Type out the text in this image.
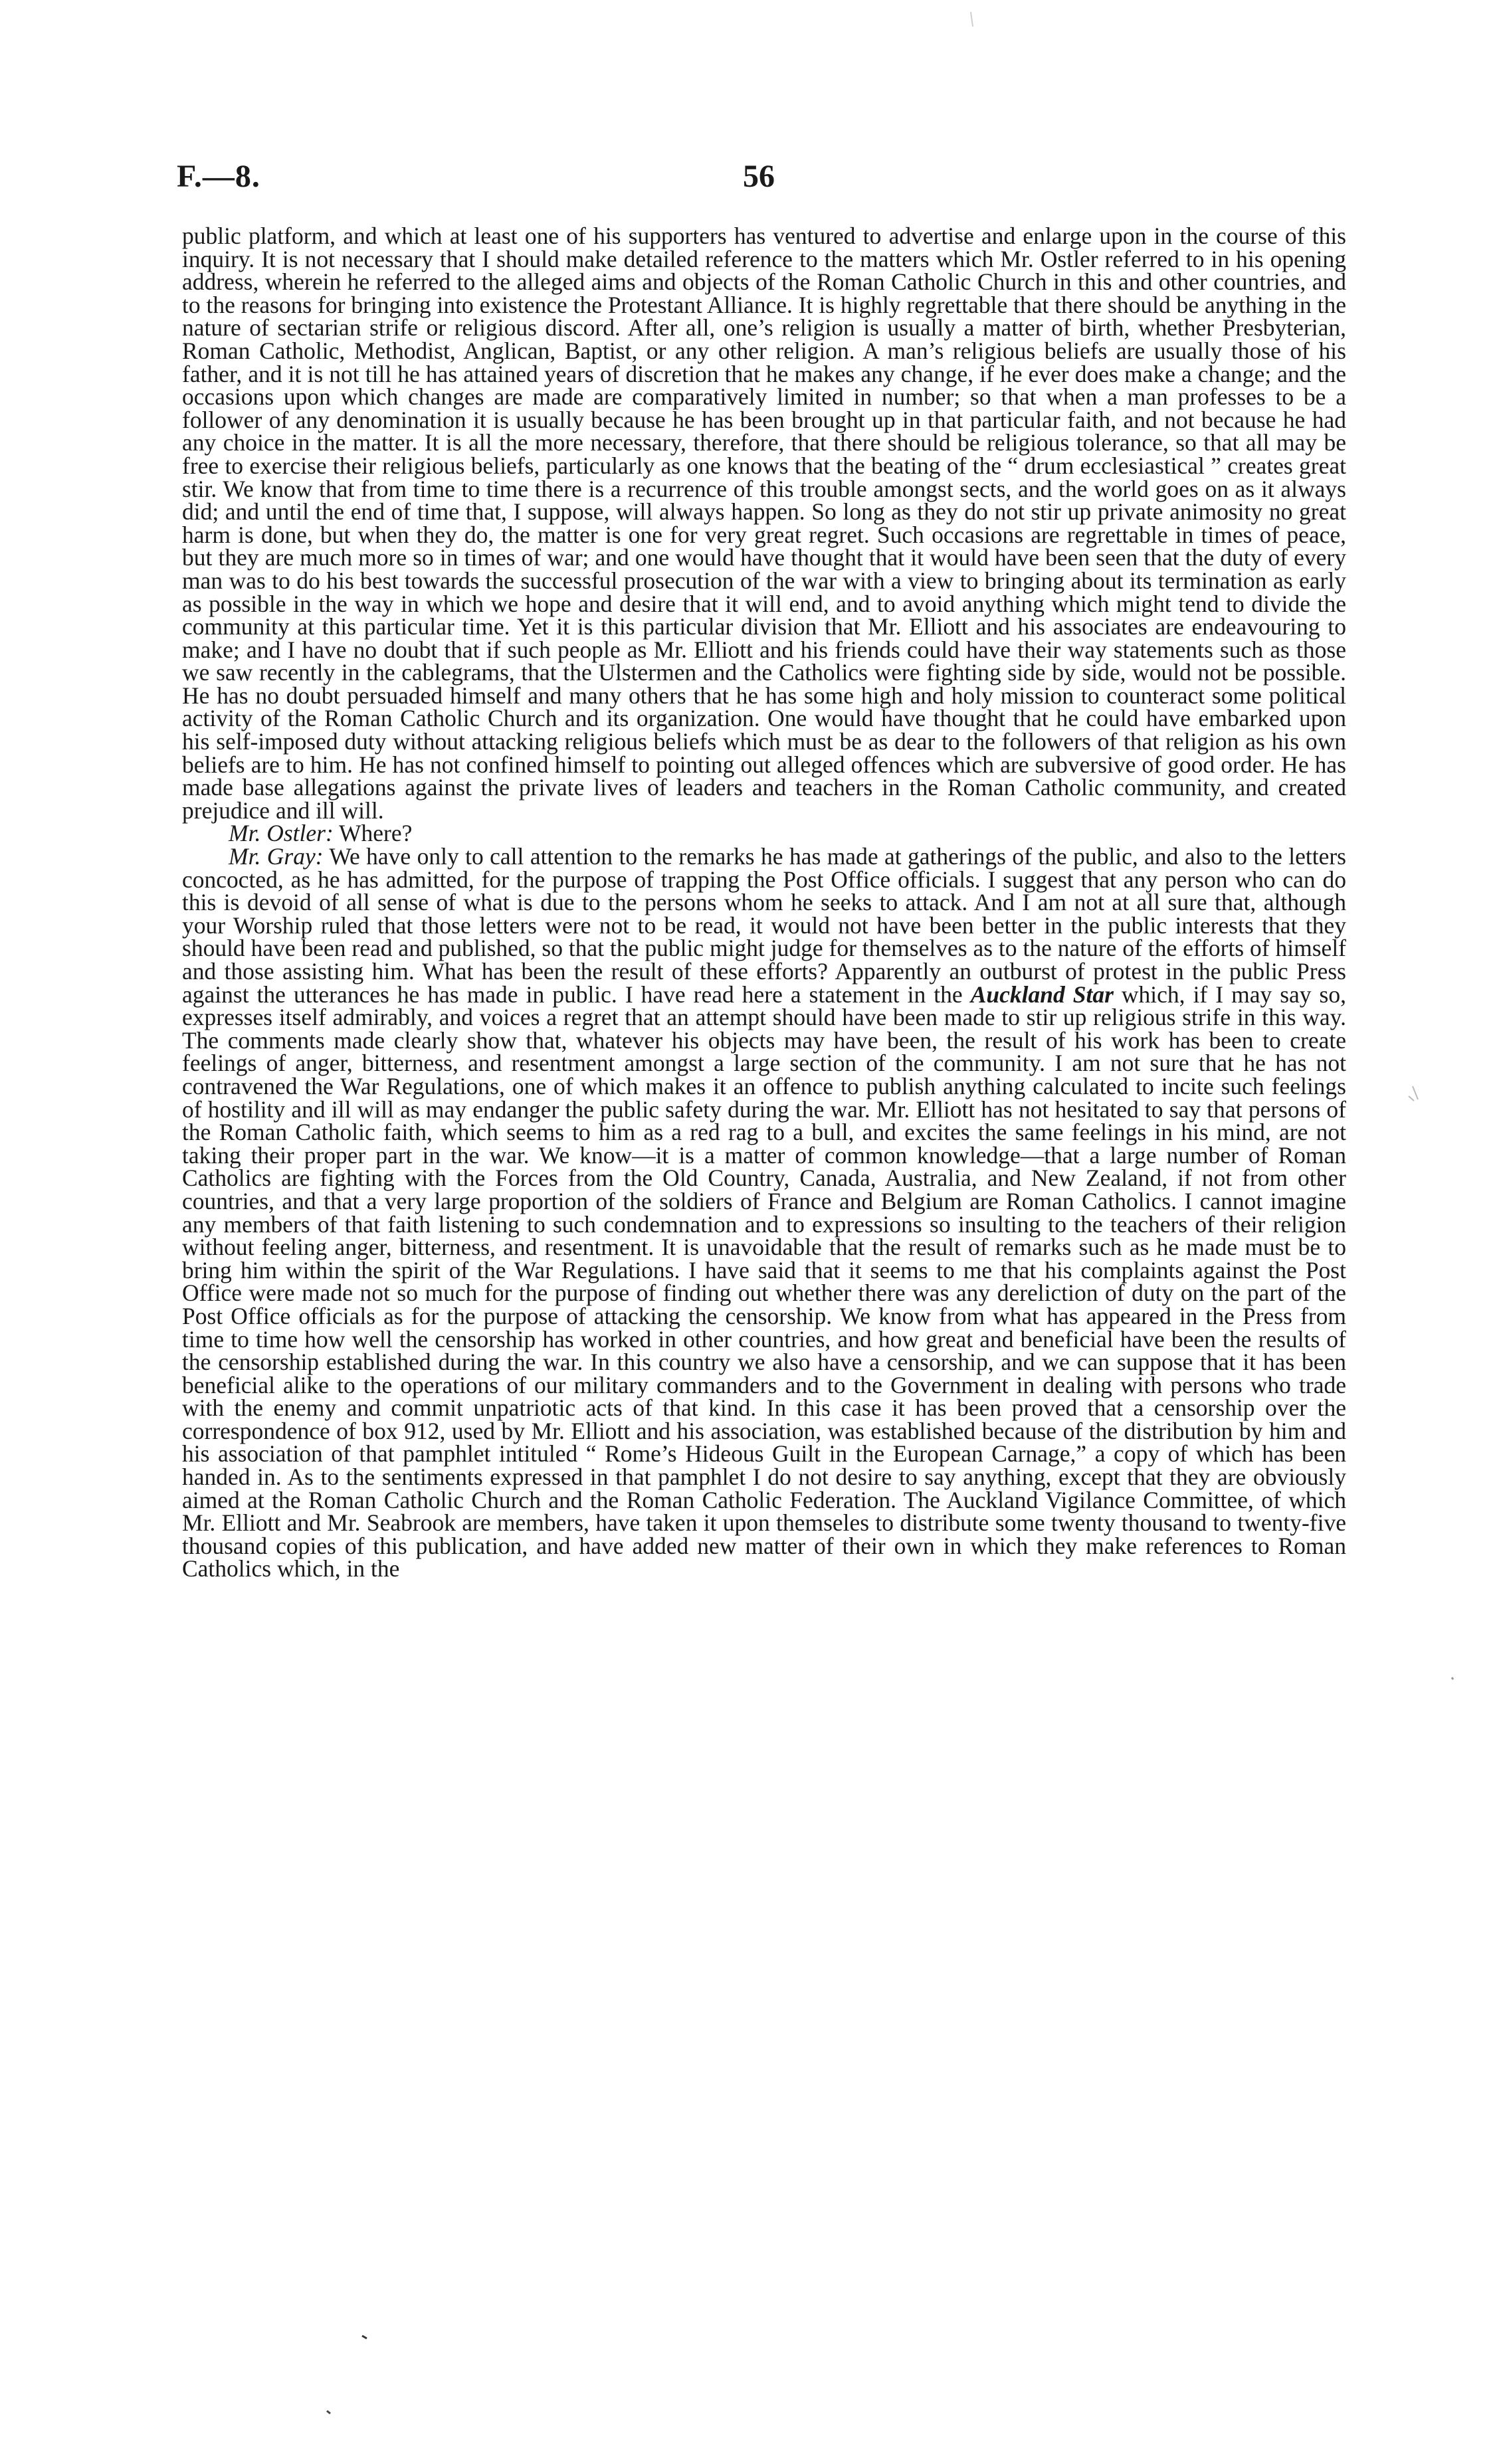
F.—8.	56

public platform, and which at least one of his supporters has ventured to advertise and enlarge upon in the course of this inquiry. It is not necessary that I should make detailed reference to the matters which Mr. Ostler referred to in his opening address, wherein he referred to the alleged aims and objects of the Roman Catholic Church in this and other countries, and to the reasons for bringing into existence the Protestant Alliance. It is highly regrettable that there should be anything in the nature of sectarian strife or religious discord. After all, one’s religion is usually a matter of birth, whether Presbyterian, Roman Catholic, Methodist, Anglican, Baptist, or any other religion. A man’s religious beliefs are usually those of his father, and it is not till he has attained years of discretion that he makes any change, if he ever does make a change; and the occasions upon which changes are made are comparatively limited in number; so that when a man professes to be a follower of any denomination it is usually because he has been brought up in that particular faith, and not because he had any choice in the matter. It is all the more necessary, therefore, that there should be religious tolerance, so that all may be free to exercise their religious beliefs, particularly as one knows that the beating of the “ drum ecclesiastical ” creates great stir. We know that from time to time there is a recurrence of this trouble amongst sects, and the world goes on as it always did; and until the end of time that, I suppose, will always happen. So long as they do not stir up private animosity no great harm is done, but when they do, the matter is one for very great regret. Such occasions are regrettable in times of peace, but they are much more so in times of war; and one would have thought that it would have been seen that the duty of every man was to do his best towards the successful prosecution of the war with a view to bringing about its termination as early as possible in the way in which we hope and desire that it will end, and to avoid anything which might tend to divide the community at this particular time. Yet it is this particular division that Mr. Elliott and his associates are endeavouring to make; and I have no doubt that if such people as Mr. Elliott and his friends could have their way statements such as those we saw recently in the cablegrams, that the Ulstermen and the Catholics were fighting side by side, would not be possible. He has no doubt persuaded himself and many others that he has some high and holy mission to counteract some political activity of the Roman Catholic Church and its organization. One would have thought that he could have embarked upon his self-imposed duty without attacking religious beliefs which must be as dear to the followers of that religion as his own beliefs are to him. He has not confined himself to pointing out alleged offences which are subversive of good order. He has made base allegations against the private lives of leaders and teachers in the Roman Catholic community, and created prejudice and ill will.

Mr. Ostler: Where?

Mr. Gray: We have only to call attention to the remarks he has made at gatherings of the public, and also to the letters concocted, as he has admitted, for the purpose of trapping the Post Office officials. I suggest that any person who can do this is devoid of all sense of what is due to the persons whom he seeks to attack. And I am not at all sure that, although your Worship ruled that those letters were not to be read, it would not have been better in the public interests that they should have been read and published, so that the public might judge for themselves as to the nature of the efforts of himself and those assisting him. What has been the result of these efforts? Apparently an outburst of protest in the public Press against the utterances he has made in public. I have read here a statement in the Auckland Star which, if I may say so, expresses itself admirably, and voices a regret that an attempt should have been made to stir up religious strife in this way. The comments made clearly show that, whatever his objects may have been, the result of his work has been to create feelings of anger, bitterness, and resentment amongst a large section of the community. I am not sure that he has not contravened the War Regulations, one of which makes it an offence to publish anything calculated to incite such feelings of hostility and ill will as may endanger the public safety during the war. Mr. Elliott has not hesitated to say that persons of the Roman Catholic faith, which seems to him as a red rag to a bull, and excites the same feelings in his mind, are not taking their proper part in the war. We know—it is a matter of common knowledge—that a large number of Roman Catholics are fighting with the Forces from the Old Country, Canada, Australia, and New Zealand, if not from other countries, and that a very large proportion of the soldiers of France and Belgium are Roman Catholics. I cannot imagine any members of that faith listening to such condemnation and to expressions so insulting to the teachers of their religion without feeling anger, bitterness, and resentment. It is unavoidable that the result of remarks such as he made must be to bring him within the spirit of the War Regulations. I have said that it seems to me that his complaints against the Post Office were made not so much for the purpose of finding out whether there was any dereliction of duty on the part of the Post Office officials as for the purpose of attacking the censorship. We know from what has appeared in the Press from time to time how well the censorship has worked in other countries, and how great and beneficial have been the results of the censorship established during the war. In this country we also have a censorship, and we can suppose that it has been beneficial alike to the operations of our military commanders and to the Government in dealing with persons who trade with the enemy and commit unpatriotic acts of that kind. In this case it has been proved that a censorship over the correspondence of box 912, used by Mr. Elliott and his association, was established because of the distribution by him and his association of that pamphlet intituled “ Rome’s Hideous Guilt in the European Carnage,” a copy of which has been handed in. As to the sentiments expressed in that pamphlet I do not desire to say anything, except that they are obviously aimed at the Roman Catholic Church and the Roman Catholic Federation. The Auckland Vigilance Committee, of which Mr. Elliott and Mr. Seabrook are members, have taken it upon themseles to distribute some twenty thousand to twenty-five thousand copies of this publication, and have added new matter of their own in which they make references to Roman Catholics which, in the
